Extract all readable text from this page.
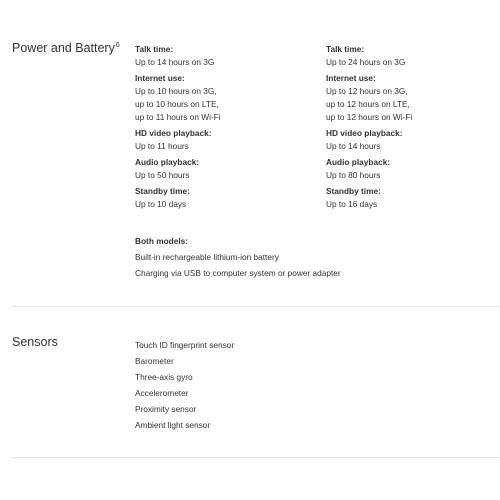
Power and Battery$^6$ Talk time:
Up to 14 hours on 3G
Internet use:
Up to 10 hours on 3G,
up to 10 hours on LTE,
up to 11 hours on Wi-Fi
HD video playback:
Up to 11 hours
Audio playback:
Up to 50 hours
Standby time:
Up to 10 days
Talk time:
Up to 24 hours on 3G
Internet use:
Up to 12 hours on 3G,
up to 12 hours on LTE,
up to 12 hours on Wi-Fi
HD video playback:
Up to 14 hours
Audio playback:
Up to 80 hours
Standby time:
Up to 16 days
Both models:
Built-in rechargeable lithium-ion battery
Charging via USB to computer system or power adapter
Sensors	Touch ID fingerprint sensor
Barometer
Three-axis gyro
Accelerometer
Proximity sensor
Ambient light sensor
